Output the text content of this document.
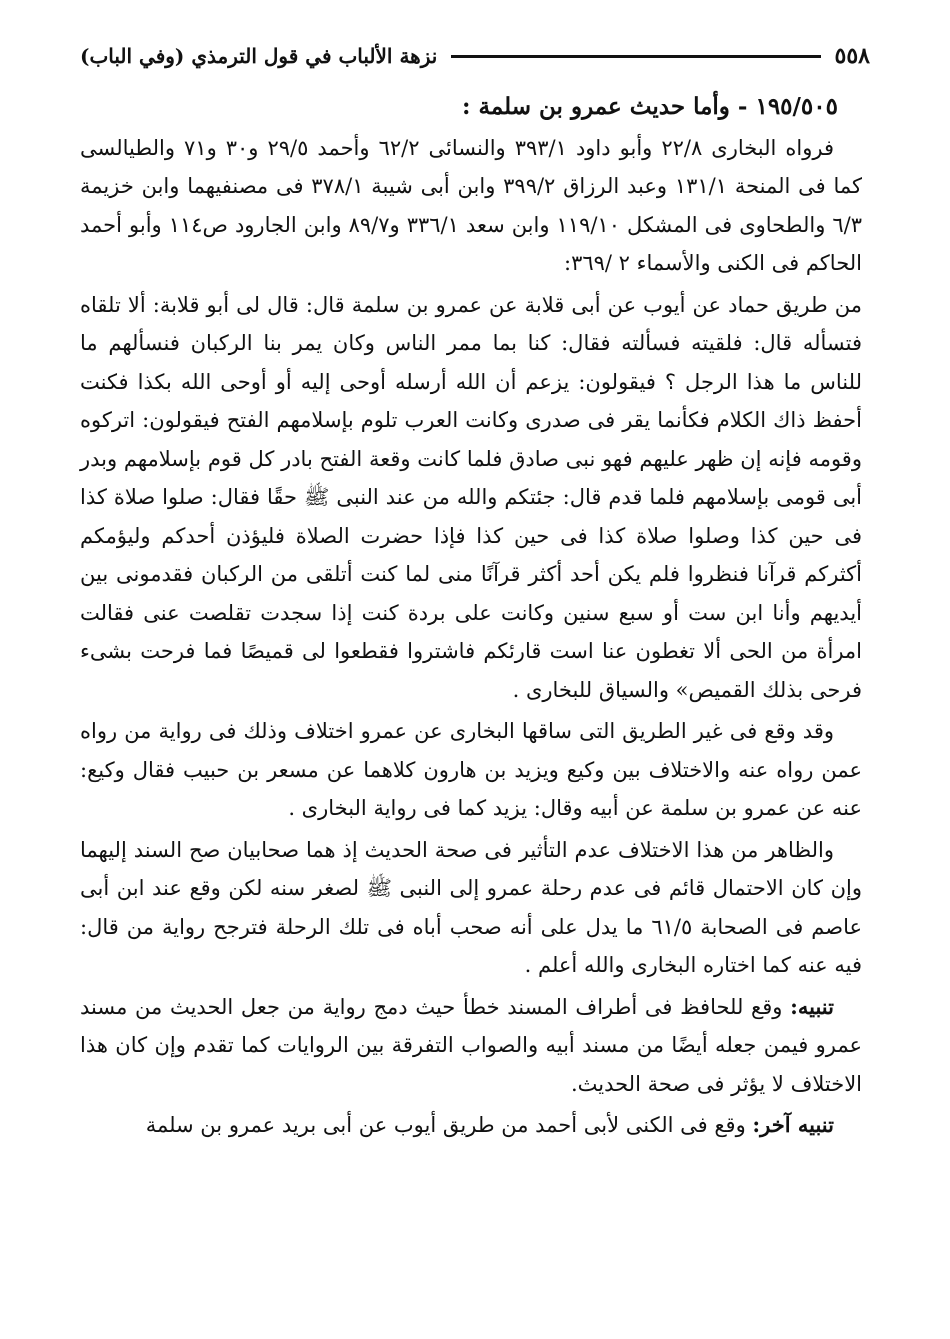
نزهة الألباب في قول الترمذي (وفي الباب)	٥٥٨
١٩٥/٥٠٥ - وأما حديث عمرو بن سلمة :

فرواه البخاری ٢٢/٨ وأبو داود ٣٩٣/١ والنسائی ٦٢/٢ وأحمد ٢٩/٥ و٣٠ و٧١ والطیالسی کما فی المنحة ١٣١/١ وعبد الرزاق ٣٩٩/٢ وابن أبی شیبة ٣٧٨/١ فی مصنفیهما وابن خزیمة ٦/٣ والطحاوی فی المشکل ١١٩/١٠ وابن سعد ٣٣٦/١ و٨٩/٧ وابن الجارود ص١١٤ وأبو أحمد الحاکم فی الکنی والأسماء ٢ /٣٦٩:

من طریق حماد عن أیوب عن أبی قلابة عن عمرو بن سلمة قال: قال لی أبو قلابة: ألا تلقاه فتسأله قال: فلقیته فسألته فقال: کنا بما ممر الناس وکان یمر بنا الرکبان فنسألهم ما للناس ما هذا الرجل ؟ فیقولون: یزعم أن الله أرسله أوحی إلیه أو أوحی الله بکذا فکنت أحفظ ذاك الکلام فکأنما یقر فی صدری وکانت العرب تلوم بإسلامهم الفتح فیقولون: اترکوه وقومه فإنه إن ظهر علیهم فهو نبی صادق فلما کانت وقعة الفتح بادر کل قوم بإسلامهم وبدر أبی قومی بإسلامهم فلما قدم قال: جئتکم والله من عند النبی ﷺ حقًا فقال: صلوا صلاة کذا فی حین کذا وصلوا صلاة کذا فی حین کذا فإذا حضرت الصلاة فلیؤذن أحدکم ولیؤمکم أکثرکم قرآنا فنظروا فلم یکن أحد أکثر قرآنًا منی لما کنت أتلقی من الرکبان فقدمونی بین أیدیهم وأنا ابن ست أو سبع سنین وکانت علی بردة کنت إذا سجدت تقلصت عنی فقالت امرأة من الحی ألا تغطون عنا است قارئکم فاشتروا فقطعوا لی قمیصًا فما فرحت بشیء فرحی بذلك القمیص» والسیاق للبخاری .

وقد وقع فی غیر الطریق التی ساقها البخاری عن عمرو اختلاف وذلك فی روایة من رواه عمن رواه عنه والاختلاف بین وکیع ویزید بن هارون کلاهما عن مسعر بن حبیب فقال وکیع: عنه عن عمرو بن سلمة عن أبیه وقال: یزید کما فی روایة البخاری .

والظاهر من هذا الاختلاف عدم التأثیر فی صحة الحدیث إذ هما صحابیان صح السند إلیهما وإن کان الاحتمال قائم فی عدم رحلة عمرو إلی النبی ﷺ لصغر سنه لکن وقع عند ابن أبی عاصم فی الصحابة ٦١/٥ ما یدل علی أنه صحب أباه فی تلك الرحلة فترجح روایة من قال: فیه عنه کما اختاره البخاری والله أعلم .

تنبیه: وقع للحافظ فی أطراف المسند خطأ حیث دمج روایة من جعل الحدیث من مسند عمرو فیمن جعله أیضًا من مسند أبیه والصواب التفرقة بین الروایات کما تقدم وإن کان هذا الاختلاف لا یؤثر فی صحة الحدیث.

تنبیه آخر: وقع فی الکنی لأبی أحمد من طریق أیوب عن أبی برید عمرو بن سلمة
